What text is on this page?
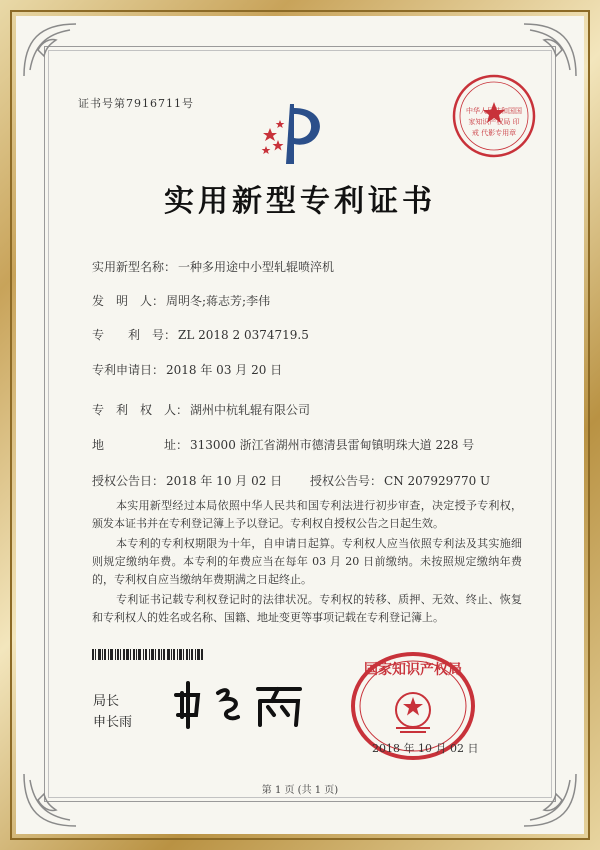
证书号第7916711号
中华人民共和国国家知识产权局 印戒 代影专用章
实用新型专利证书
实用新型名称： 一种多用途中小型轧辊喷淬机
发　明　人： 周明冬;蒋志芳;李伟
专　　利　号： ZL 2018 2 0374719.5
专利申请日： 2018 年 03 月 20 日
专　利　权　人： 湖州中杭轧辊有限公司
地　　　　　址： 313000 浙江省湖州市德清县雷甸镇明珠大道 228 号
授权公告日： 2018 年 10 月 02 日 授权公告号： CN 207929770 U

本实用新型经过本局依照中华人民共和国专利法进行初步审查，决定授予专利权，颁发本证书并在专利登记簿上予以登记。专利权自授权公告之日起生效。

本专利的专利权期限为十年，自申请日起算。专利权人应当依照专利法及其实施细则规定缴纳年费。本专利的年费应当在每年 03 月 20 日前缴纳。未按照规定缴纳年费的，专利权自应当缴纳年费期满之日起终止。

专利证书记载专利权登记时的法律状况。专利权的转移、质押、无效、终止、恢复和专利权人的姓名或名称、国籍、地址变更等事项记载在专利登记簿上。

局长
申长雨
国家知识产权局
2018 年 10 月 02 日
第 1 页 (共 1 页)
